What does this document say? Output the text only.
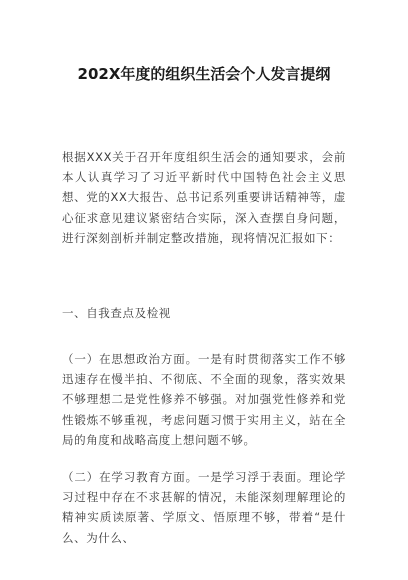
202X年度的组织生活会个人发言提纲

根据XXX关于召开年度组织生活会的通知要求，会前本人认真学习了习近平新时代中国特色社会主义思想、党的XX大报告、总书记系列重要讲话精神等，虚心征求意见建议紧密结合实际，深入查摆自身问题，进行深刻剖析并制定整改措施，现将情况汇报如下：

一、自我查点及检视

（一）在思想政治方面。一是有时贯彻落实工作不够迅速存在慢半拍、不彻底、不全面的现象，落实效果不够理想二是党性修养不够强。对加强党性修养和党性锻炼不够重视，考虑问题习惯于实用主义，站在全局的角度和战略高度上想问题不够。

（二）在学习教育方面。一是学习浮于表面。理论学习过程中存在不求甚解的情况，未能深刻理解理论的精神实质读原著、学原文、悟原理不够，带着“是什么、为什么、
